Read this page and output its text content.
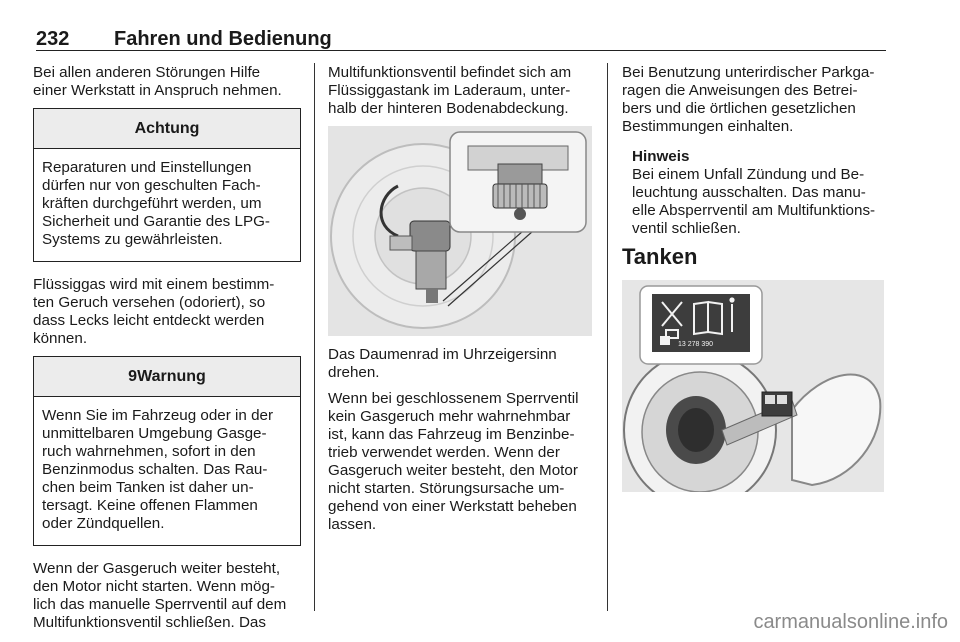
232 Fahren und Bedienung
Bei allen anderen Störungen Hilfe
einer Werkstatt in Anspruch nehmen.
Achtung
Reparaturen und Einstellungen
dürfen nur von geschulten Fach-
kräften durchgeführt werden, um
Sicherheit und Garantie des LPG-
Systems zu gewährleisten.
Flüssiggas wird mit einem bestimm-
ten Geruch versehen (odoriert), so
dass Lecks leicht entdeckt werden
können.
9Warnung
Wenn Sie im Fahrzeug oder in der
unmittelbaren Umgebung Gasge-
ruch wahrnehmen, sofort in den
Benzinmodus schalten. Das Rau-
chen beim Tanken ist daher un-
tersagt. Keine offenen Flammen
oder Zündquellen.
Wenn der Gasgeruch weiter besteht,
den Motor nicht starten. Wenn mög-
lich das manuelle Sperrventil auf dem
Multifunktionsventil schließen. Das
Multifunktionsventil befindet sich am
Flüssiggastank im Laderaum, unter-
halb der hinteren Bodenabdeckung.
Das Daumenrad im Uhrzeigersinn
drehen.
Wenn bei geschlossenem Sperrventil
kein Gasgeruch mehr wahrnehmbar
ist, kann das Fahrzeug im Benzinbe-
trieb verwendet werden. Wenn der
Gasgeruch weiter besteht, den Motor
nicht starten. Störungsursache um-
gehend von einer Werkstatt beheben
lassen.
Bei Benutzung unterirdischer Parkga-
ragen die Anweisungen des Betrei-
bers und die örtlichen gesetzlichen
Bestimmungen einhalten.
Hinweis
Bei einem Unfall Zündung und Be-
leuchtung ausschalten. Das manu-
elle Absperrventil am Multifunktions-
ventil schließen.
Tanken
13 278 390
carmanualsonline.info
